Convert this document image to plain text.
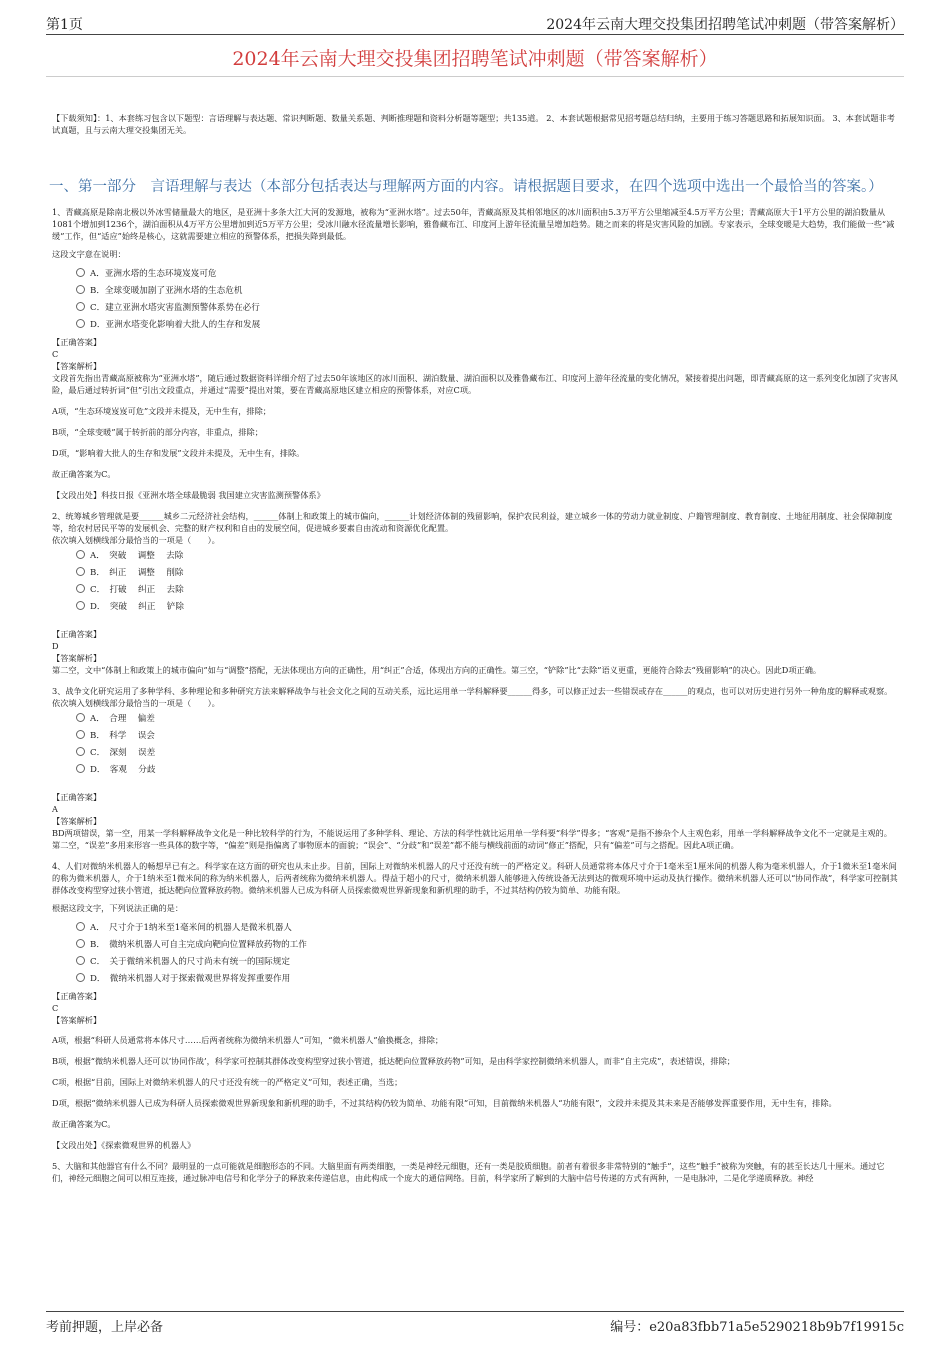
第1页	2024年云南大理交投集团招聘笔试冲刺题（带答案解析）
2024年云南大理交投集团招聘笔试冲刺题（带答案解析）

【下载须知】：1、本套练习包含以下题型：言语理解与表达题、常识判断题、数量关系题、判断推理题和资料分析题等题型；共135道。 2、本套试题根据常见招考题总结归纳，主要用于练习答题思路和拓展知识面。 3、本套试题非考试真题，且与云南大理交投集团无关。

一、第一部分　言语理解与表达（本部分包括表达与理解两方面的内容。请根据题目要求，在四个选项中选出一个最恰当的答案。）

1、青藏高原是除南北极以外冰雪储量最大的地区，是亚洲十多条大江大河的发源地，被称为“亚洲水塔”。过去50年，青藏高原及其相邻地区的冰川面积由5.3万平方公里缩减至4.5万平方公里；青藏高原大于1平方公里的湖泊数量从1081个增加到1236个，湖泊面积从4万平方公里增加到近5万平方公里；受冰川融水径流量增长影响，雅鲁藏布江、印度河上游年径流量呈增加趋势。随之而来的将是灾害风险的加剧。专家表示，全球变暖是大趋势，我们能做一些“减缓”工作，但“适应”始终是核心，这就需要建立相应的预警体系，把损失降到最低。

这段文字意在说明：

A．亚洲水塔的生态环境岌岌可危
B．全球变暖加剧了亚洲水塔的生态危机
C．建立亚洲水塔灾害监测预警体系势在必行
D．亚洲水塔变化影响着大批人的生存和发展

【正确答案】

C

【答案解析】

文段首先指出青藏高原被称为“亚洲水塔”，随后通过数据资料详细介绍了过去50年该地区的冰川面积、湖泊数量、湖泊面积以及雅鲁藏布江、印度河上游年径流量的变化情况，紧接着提出问题，即青藏高原的这一系列变化加剧了灾害风险，最后通过转折词“但”引出文段重点，并通过“需要”提出对策，要在青藏高原地区建立相应的预警体系，对应C项。

A项，“生态环境岌岌可危”文段并未提及，无中生有，排除；

B项，“全球变暖”属于转折前的部分内容，非重点，排除；

D项，“影响着大批人的生存和发展”文段并未提及，无中生有，排除。

故正确答案为C。

【文段出处】科技日报《亚洲水塔全球最脆弱 我国建立灾害监测预警体系》

2、统筹城乡管理就是要______城乡二元经济社会结构，______体制上和政策上的城市偏向，______计划经济体制的残留影响，保护农民利益，建立城乡一体的劳动力就业制度、户籍管理制度、教育制度、土地征用制度、社会保障制度等，给农村居民平等的发展机会、完整的财产权利和自由的发展空间，促进城乡要素自由流动和资源优化配置。

依次填入划横线部分最恰当的一项是（　　）。

A．　突破　 调整　 去除
B．　纠正　 调整　 削除
C．　打破　 纠正　 去除
D．　突破　 纠正　 铲除

【正确答案】

D

【答案解析】

第二空，文中“体制上和政策上的城市偏向”如与“调整”搭配，无法体现出方向的正确性，用“纠正”合适，体现出方向的正确性。第三空，“铲除”比“去除”语义更重，更能符合除去“残留影响”的决心。因此D项正确。

3、战争文化研究运用了多种学科、多种理论和多种研究方法来解释战争与社会文化之间的互动关系，远比运用单一学科解释要______得多，可以修正过去一些错误或存在______的观点，也可以对历史进行另外一种角度的解释或观察。

依次填入划横线部分最恰当的一项是（　　）。

A．　合理　 偏差
B．　科学　 误会
C．　深刻　 误差
D．　客观　 分歧

【正确答案】

A

【答案解析】

BD两项错误，第一空，用某一学科解释战争文化是一种比较科学的行为，不能说运用了多种学科、理论、方法的科学性就比运用单一学科要“科学”得多；“客观”是指不掺杂个人主观色彩，用单一学科解释战争文化不一定就是主观的。第二空，“误差”多用来形容一些具体的数字等，“偏差”则是指偏离了事物原本的面貌；“误会”、“分歧”和“误差”都不能与横线前面的动词“修正”搭配，只有“偏差”可与之搭配。因此A项正确。

4、人们对微纳米机器人的畅想早已有之。科学家在这方面的研究也从未止步。目前，国际上对微纳米机器人的尺寸还没有统一的严格定义。科研人员通常将本体尺寸介于1毫米至1厘米间的机器人称为毫米机器人，介于1微米至1毫米间的称为微米机器人，介于1纳米至1微米间的称为纳米机器人，后两者统称为微纳米机器人。得益于超小的尺寸，微纳米机器人能够进入传统设备无法到达的微观环境中运动及执行操作。微纳米机器人还可以“协同作战”，科学家可控制其群体改变构型穿过狭小管道，抵达靶向位置释放药物。微纳米机器人已成为科研人员探索微观世界新现象和新机理的助手，不过其结构仍较为简单、功能有限。

根据这段文字，下列说法正确的是：

A．　尺寸介于1纳米至1毫米间的机器人是微米机器人
B．　微纳米机器人可自主完成向靶向位置释放药物的工作
C．　关于微纳米机器人的尺寸尚未有统一的国际规定
D．　微纳米机器人对于探索微观世界将发挥重要作用

【正确答案】

C

【答案解析】

A项，根据“科研人员通常将本体尺寸……后两者统称为微纳米机器人”可知，“微米机器人”偷换概念，排除；

B项，根据“微纳米机器人还可以‘协同作战’，科学家可控制其群体改变构型穿过狭小管道，抵达靶向位置释放药物”可知，是由科学家控制微纳米机器人，而非“自主完成”，表述错误，排除；

C项，根据“目前，国际上对微纳米机器人的尺寸还没有统一的严格定义”可知，表述正确，当选；

D项，根据“微纳米机器人已成为科研人员探索微观世界新现象和新机理的助手，不过其结构仍较为简单、功能有限”可知，目前微纳米机器人“功能有限”，文段并未提及其未来是否能够发挥重要作用，无中生有，排除。

故正确答案为C。

【文段出处】《探索微观世界的机器人》

5、大脑和其他器官有什么不同？最明显的一点可能就是细胞形态的不同。大脑里面有两类细胞，一类是神经元细胞，还有一类是胶质细胞。前者有着很多非常特别的“触手”，这些“触手”被称为突触，有的甚至长达几十厘米。通过它们，神经元细胞之间可以相互连接，通过脉冲电信号和化学分子的释放来传递信息，由此构成一个庞大的通信网络。目前，科学家所了解到的大脑中信号传递的方式有两种，一是电脉冲，二是化学递质释放。神经

考前押题，上岸必备	编号：e20a83fbb71a5e5290218b9b7f19915c
